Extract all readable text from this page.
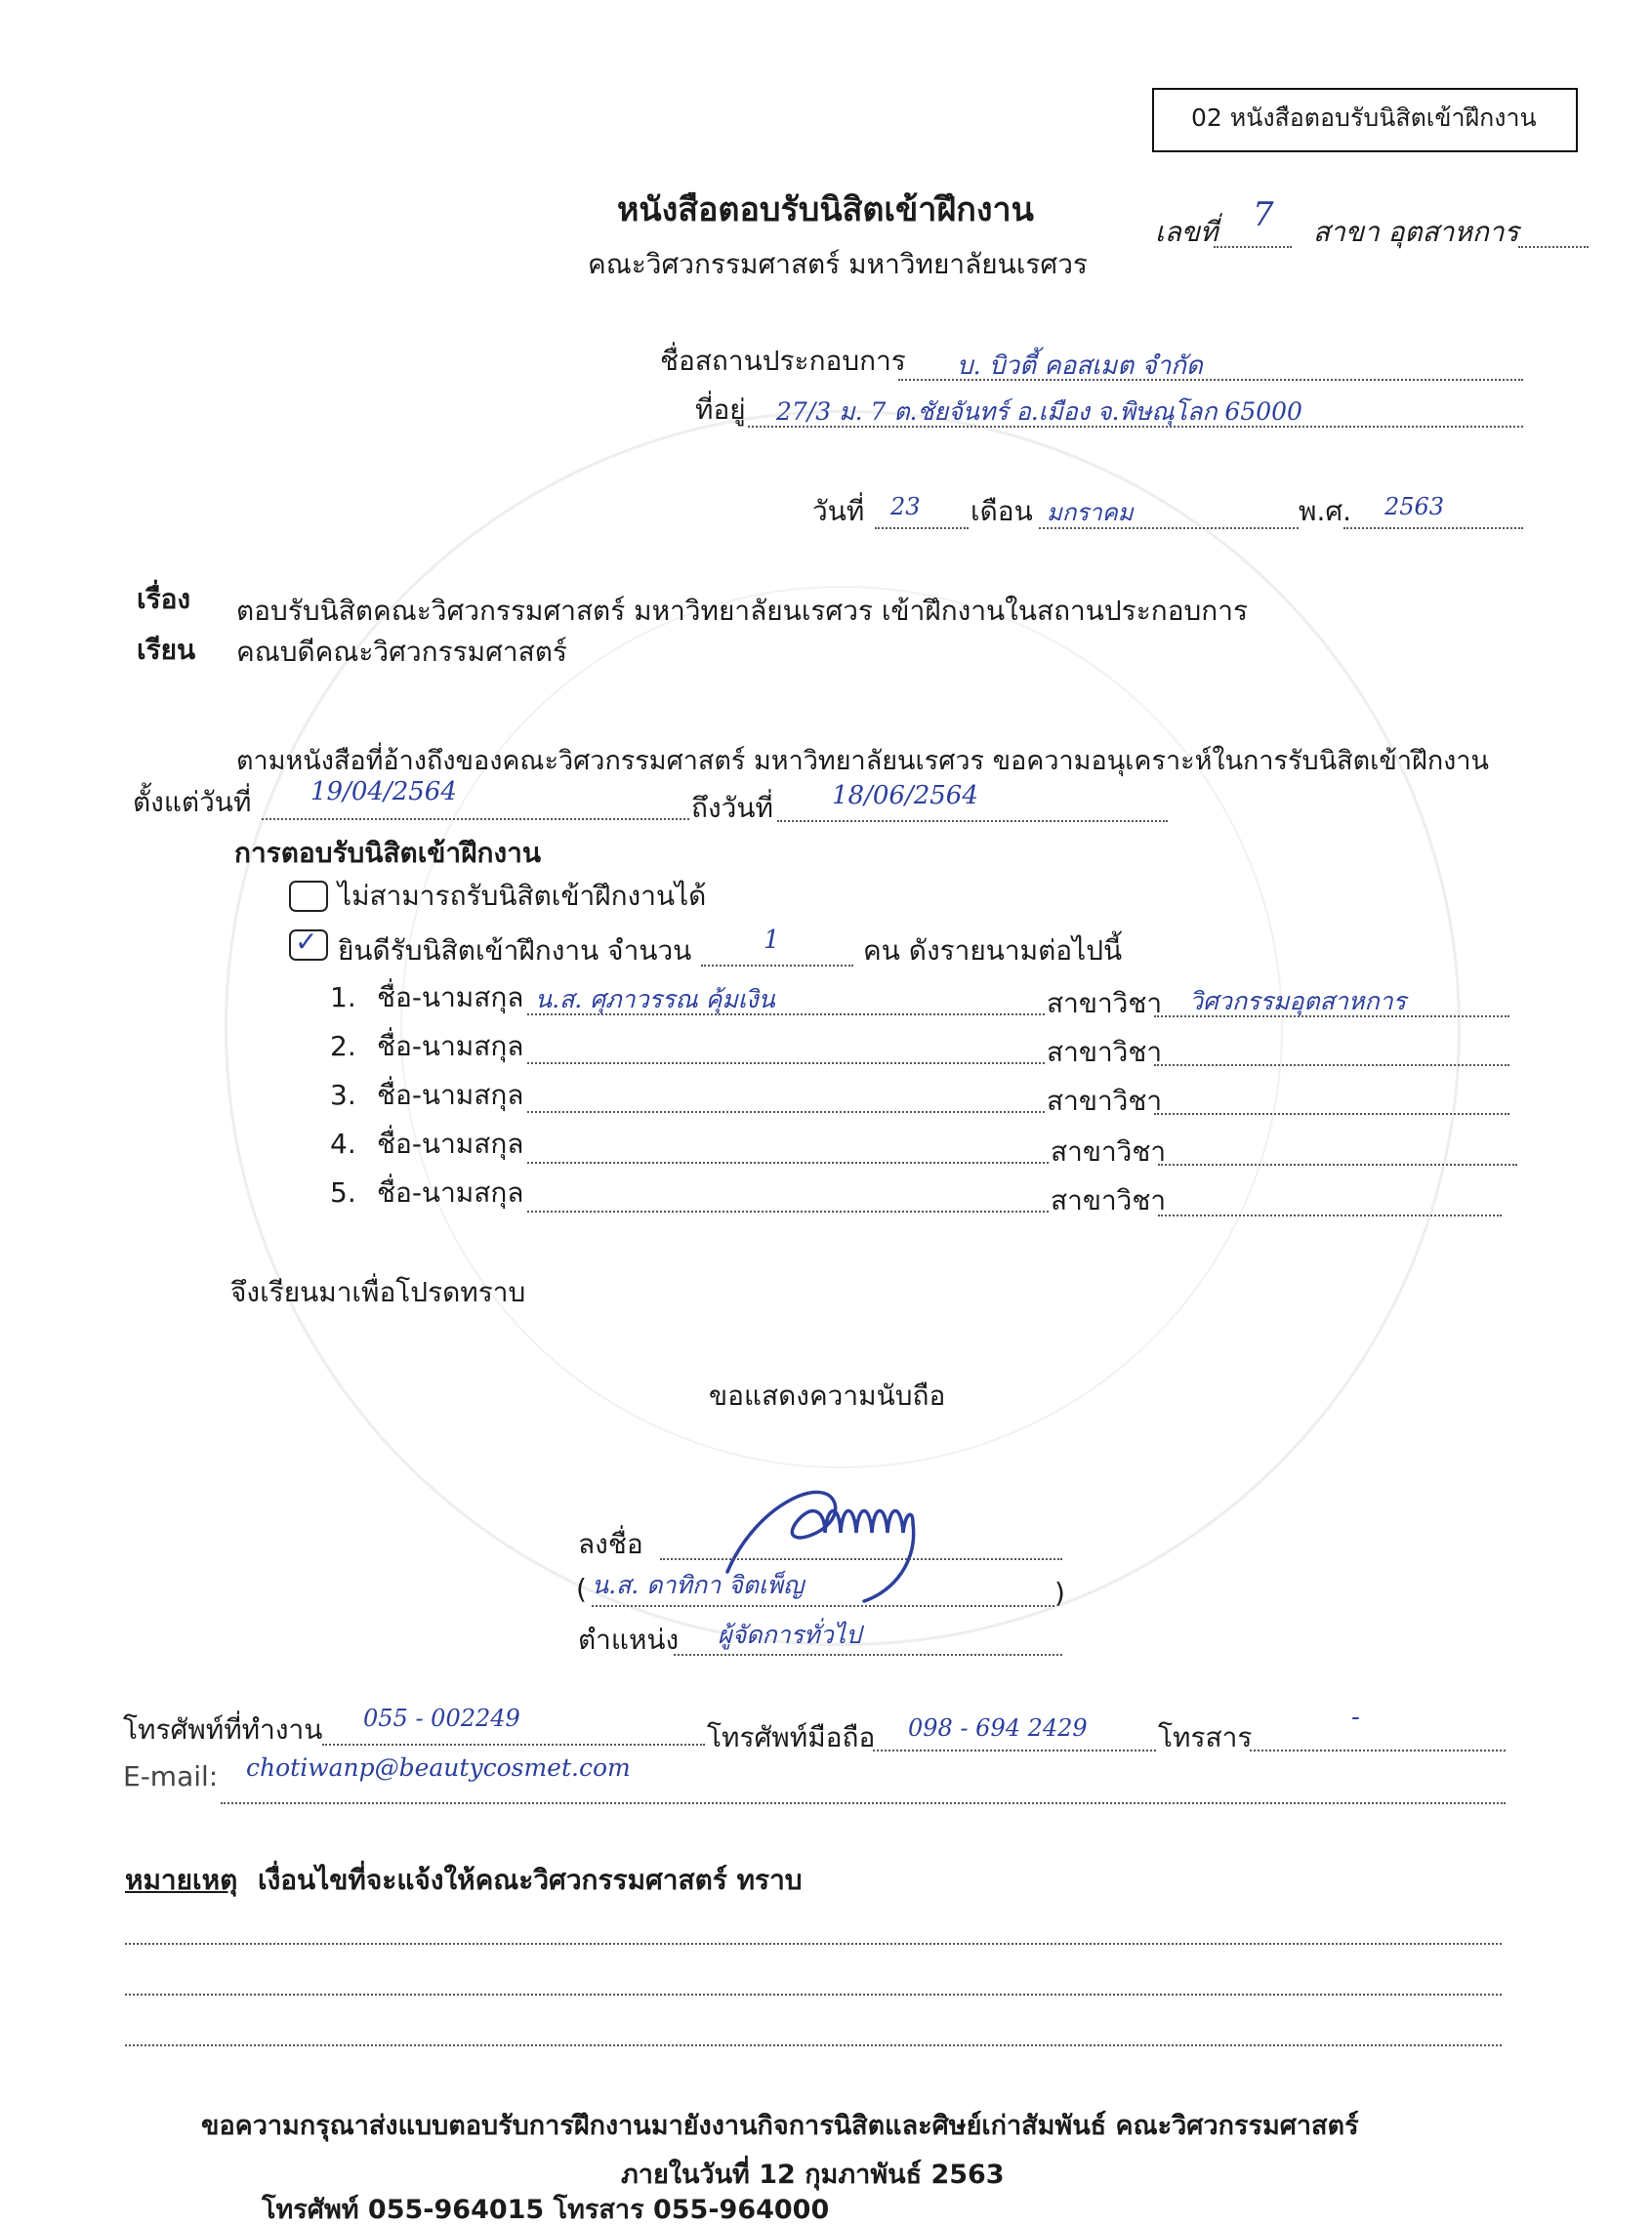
02 หนังสือตอบรับนิสิตเข้าฝึกงาน
หนังสือตอบรับนิสิตเข้าฝึกงาน
คณะวิศวกรรมศาสตร์ มหาวิทยาลัยนเรศวร
เลขที่ 7 สาขา อุตสาหการ
ชื่อสถานประกอบการ บ. บิวตี้ คอสเมต จำกัด
ที่อยู่ 27/3 ม. 7 ต.ชัยจันทร์ อ.เมือง จ.พิษณุโลก 65000
วันที่ 23 เดือน มกราคม	พ.ศ. 2563
เรื่อง ตอบรับนิสิตคณะวิศวกรรมศาสตร์ มหาวิทยาลัยนเรศวร เข้าฝึกงานในสถานประกอบการ
เรียน คณบดีคณะวิศวกรรมศาสตร์
ตามหนังสือที่อ้างถึงของคณะวิศวกรรมศาสตร์ มหาวิทยาลัยนเรศวร ขอความอนุเคราะห์ในการรับนิสิตเข้าฝึกงาน
ตั้งแต่วันที่ 19/04/2564	ถึงวันที่ 18/06/2564
การตอบรับนิสิตเข้าฝึกงาน
ไม่สามารถรับนิสิตเข้าฝึกงานได้
✓ ยินดีรับนิสิตเข้าฝึกงาน จำนวน	1	คน ดังรายนามต่อไปนี้
1. ชื่อ-นามสกุล น.ส. ศุภาวรรณ คุ้มเงิน	สาขาวิชา วิศวกรรมอุตสาหการ
2. ชื่อ-นามสกุล	สาขาวิชา
3. ชื่อ-นามสกุล	สาขาวิชา
4. ชื่อ-นามสกุล	สาขาวิชา
5. ชื่อ-นามสกุล	สาขาวิชา
จึงเรียนมาเพื่อโปรดทราบ
ขอแสดงความนับถือ
ลงชื่อ
( น.ส. ดาทิกา จิตเพ็ญ	)
ตำแหน่ง ผู้จัดการทั่วไป
โทรศัพท์ที่ทำงาน 055 - 002249
โทรศัพท์มือถือ 098 - 694 2429	โทรสาร
-
E-mail: chotiwanp@beautycosmet.com
หมายเหตุ เงื่อนไขที่จะแจ้งให้คณะวิศวกรรมศาสตร์ ทราบ
ขอความกรุณาส่งแบบตอบรับการฝึกงานมายังงานกิจการนิสิตและศิษย์เก่าสัมพันธ์ คณะวิศวกรรมศาสตร์
ภายในวันที่ 12 กุมภาพันธ์ 2563
โทรศัพท์ 055-964015 โทรสาร 055-964000
